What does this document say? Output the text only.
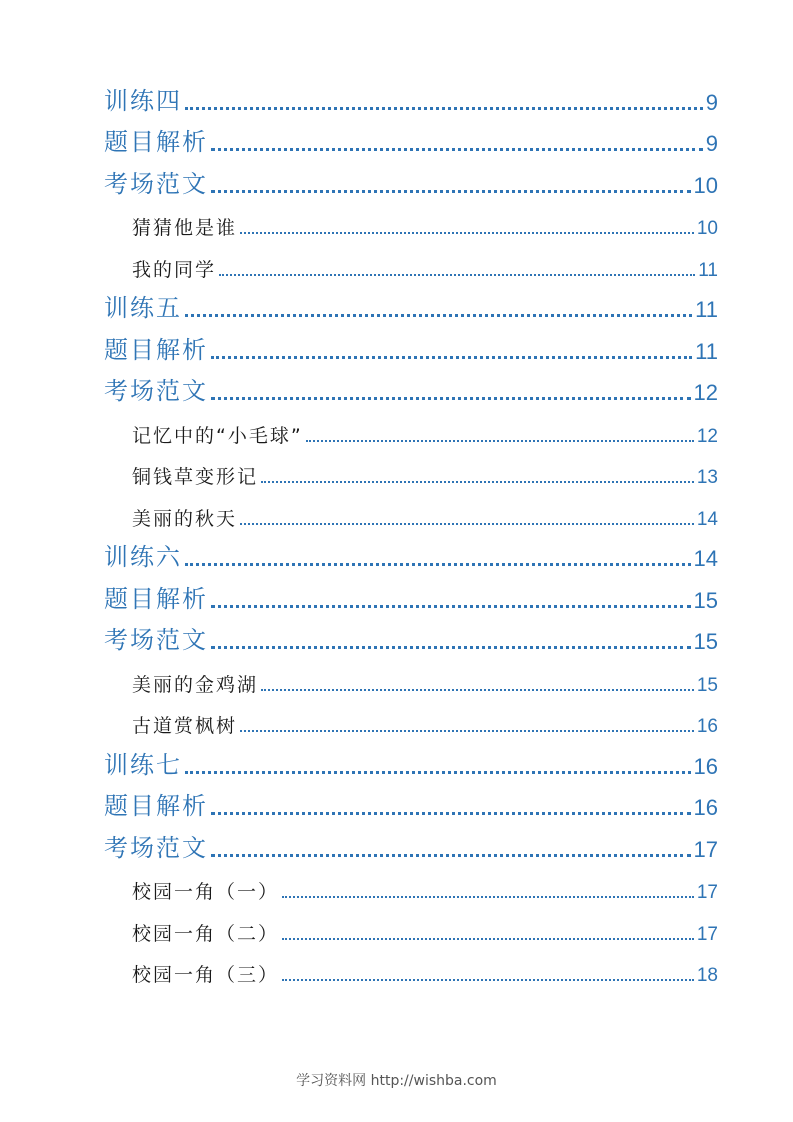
训练四	9
题目解析	9
考场范文	10
猜猜他是谁	10
我的同学	11
训练五	11
题目解析	11
考场范文	12
记忆中的“小毛球”	12
铜钱草变形记	13
美丽的秋天	14
训练六	14
题目解析	15
考场范文	15
美丽的金鸡湖	15
古道赏枫树	16
训练七	16
题目解析	16
考场范文	17
校园一角（一）	17
校园一角（二）	17
校园一角（三）	18
学习资料网 http://wishba.com
